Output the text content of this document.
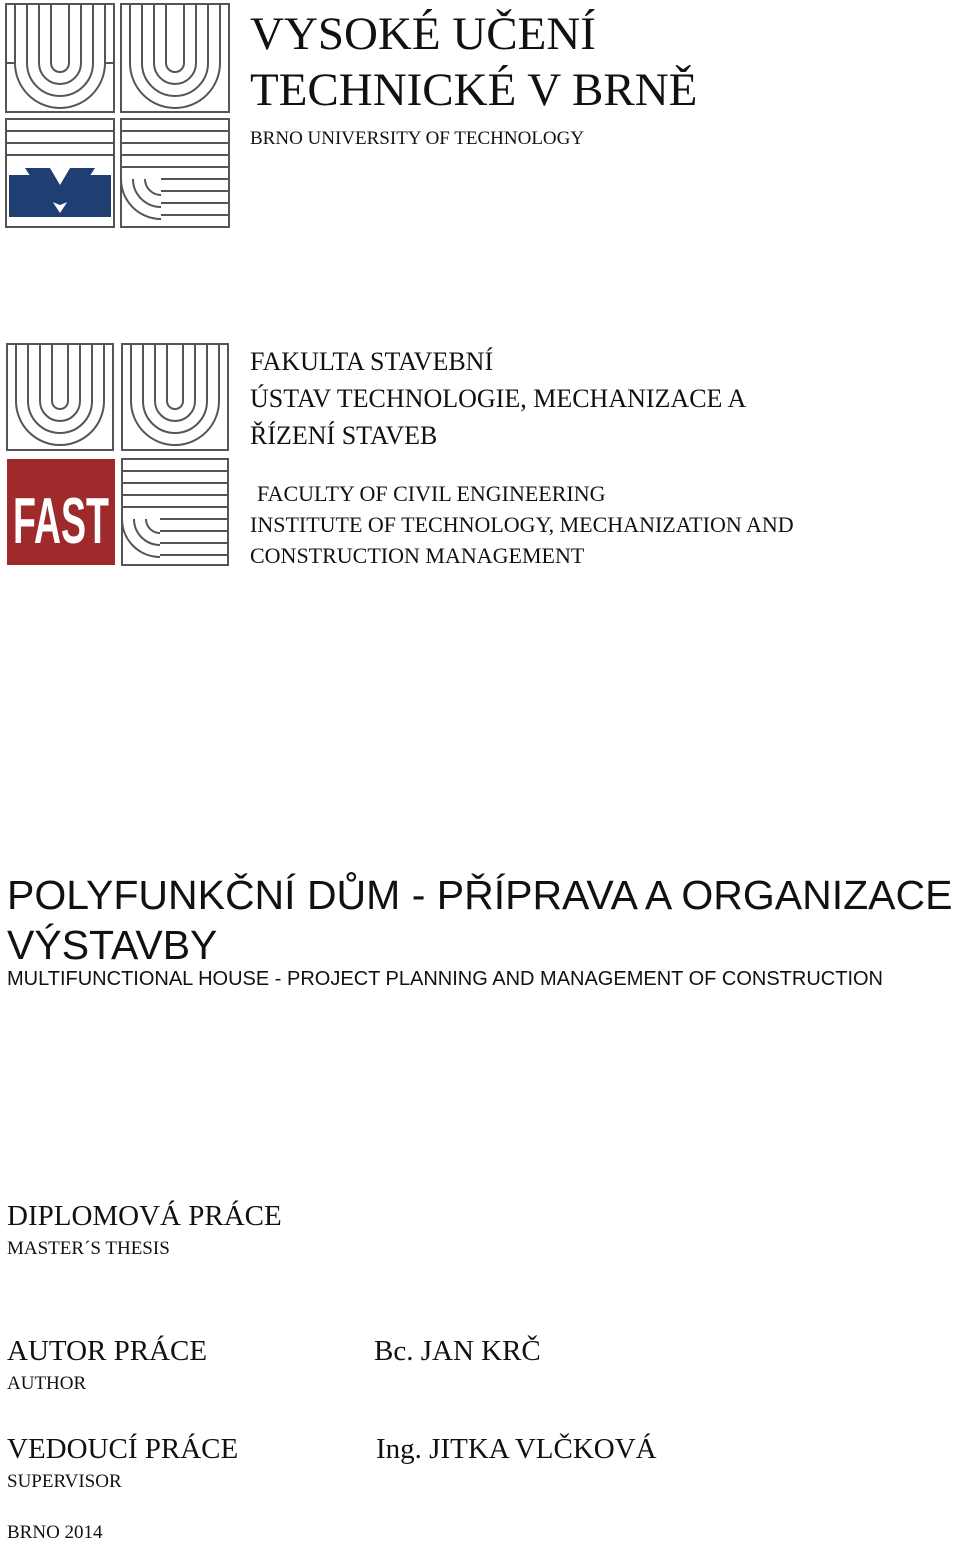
FAST
VYSOKÉ UČENÍ
TECHNICKÉ V BRNĚ
BRNO UNIVERSITY OF TECHNOLOGY
FAKULTA STAVEBNÍ
ÚSTAV TECHNOLOGIE, MECHANIZACE A
ŘÍZENÍ STAVEB
FACULTY OF CIVIL ENGINEERING
INSTITUTE OF TECHNOLOGY, MECHANIZATION AND
CONSTRUCTION MANAGEMENT
POLYFUNKČNÍ DŮM - PŘÍPRAVA A ORGANIZACE VÝSTAVBY
MULTIFUNCTIONAL HOUSE - PROJECT PLANNING AND MANAGEMENT OF CONSTRUCTION
DIPLOMOVÁ PRÁCE
MASTER´S THESIS
AUTOR PRÁCE
AUTHOR
Bc. JAN KRČ
VEDOUCÍ PRÁCE
SUPERVISOR
Ing. JITKA VLČKOVÁ
BRNO 2014
